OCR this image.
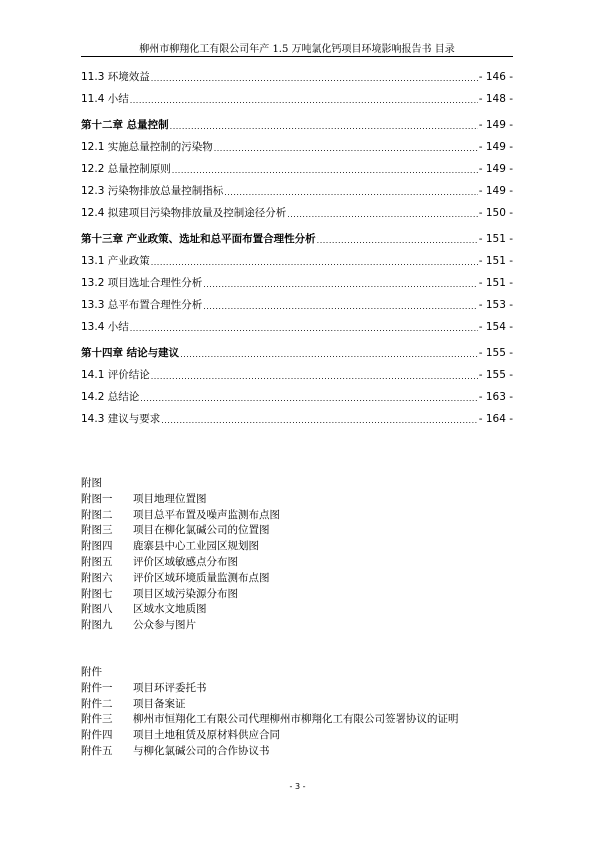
柳州市柳翔化工有限公司年产 1.5 万吨氯化钙项目环境影响报告书 目录
11.3 环境效益 .....	- 146 -
11.4 小结 .....	- 148 -
第十二章 总量控制 .....	- 149 -
12.1 实施总量控制的污染物 .....	- 149 -
12.2 总量控制原则 .....	- 149 -
12.3 污染物排放总量控制指标 .....	- 149 -
12.4 拟建项目污染物排放量及控制途径分析 .....	- 150 -
第十三章 产业政策、选址和总平面布置合理性分析 .....	- 151 -
13.1 产业政策 .....	- 151 -
13.2 项目选址合理性分析 .....	- 151 -
13.3 总平布置合理性分析 .....	- 153 -
13.4 小结 .....	- 154 -
第十四章 结论与建议 .....	- 155 -
14.1 评价结论 .....	- 155 -
14.2 总结论 .....	- 163 -
14.3 建议与要求 .....	- 164 -
附图
附图一 项目地理位置图
附图二 项目总平布置及噪声监测布点图
附图三 项目在柳化氯碱公司的位置图
附图四 鹿寨县中心工业园区规划图
附图五 评价区域敏感点分布图
附图六 评价区域环境质量监测布点图
附图七 项目区域污染源分布图
附图八 区域水文地质图
附图九 公众参与图片
附件
附件一 项目环评委托书
附件二 项目备案证
附件三 柳州市恒翔化工有限公司代理柳州市柳翔化工有限公司签署协议的证明
附件四 项目土地租赁及原材料供应合同
附件五 与柳化氯碱公司的合作协议书
- 3 -
